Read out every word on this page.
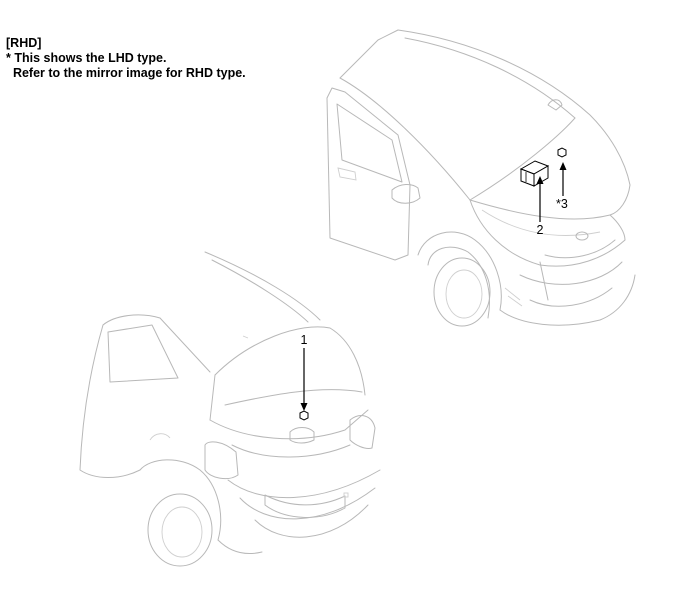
[RHD]
* This shows the LHD type.
Refer to the mirror image for RHD type.
1
2
*3
